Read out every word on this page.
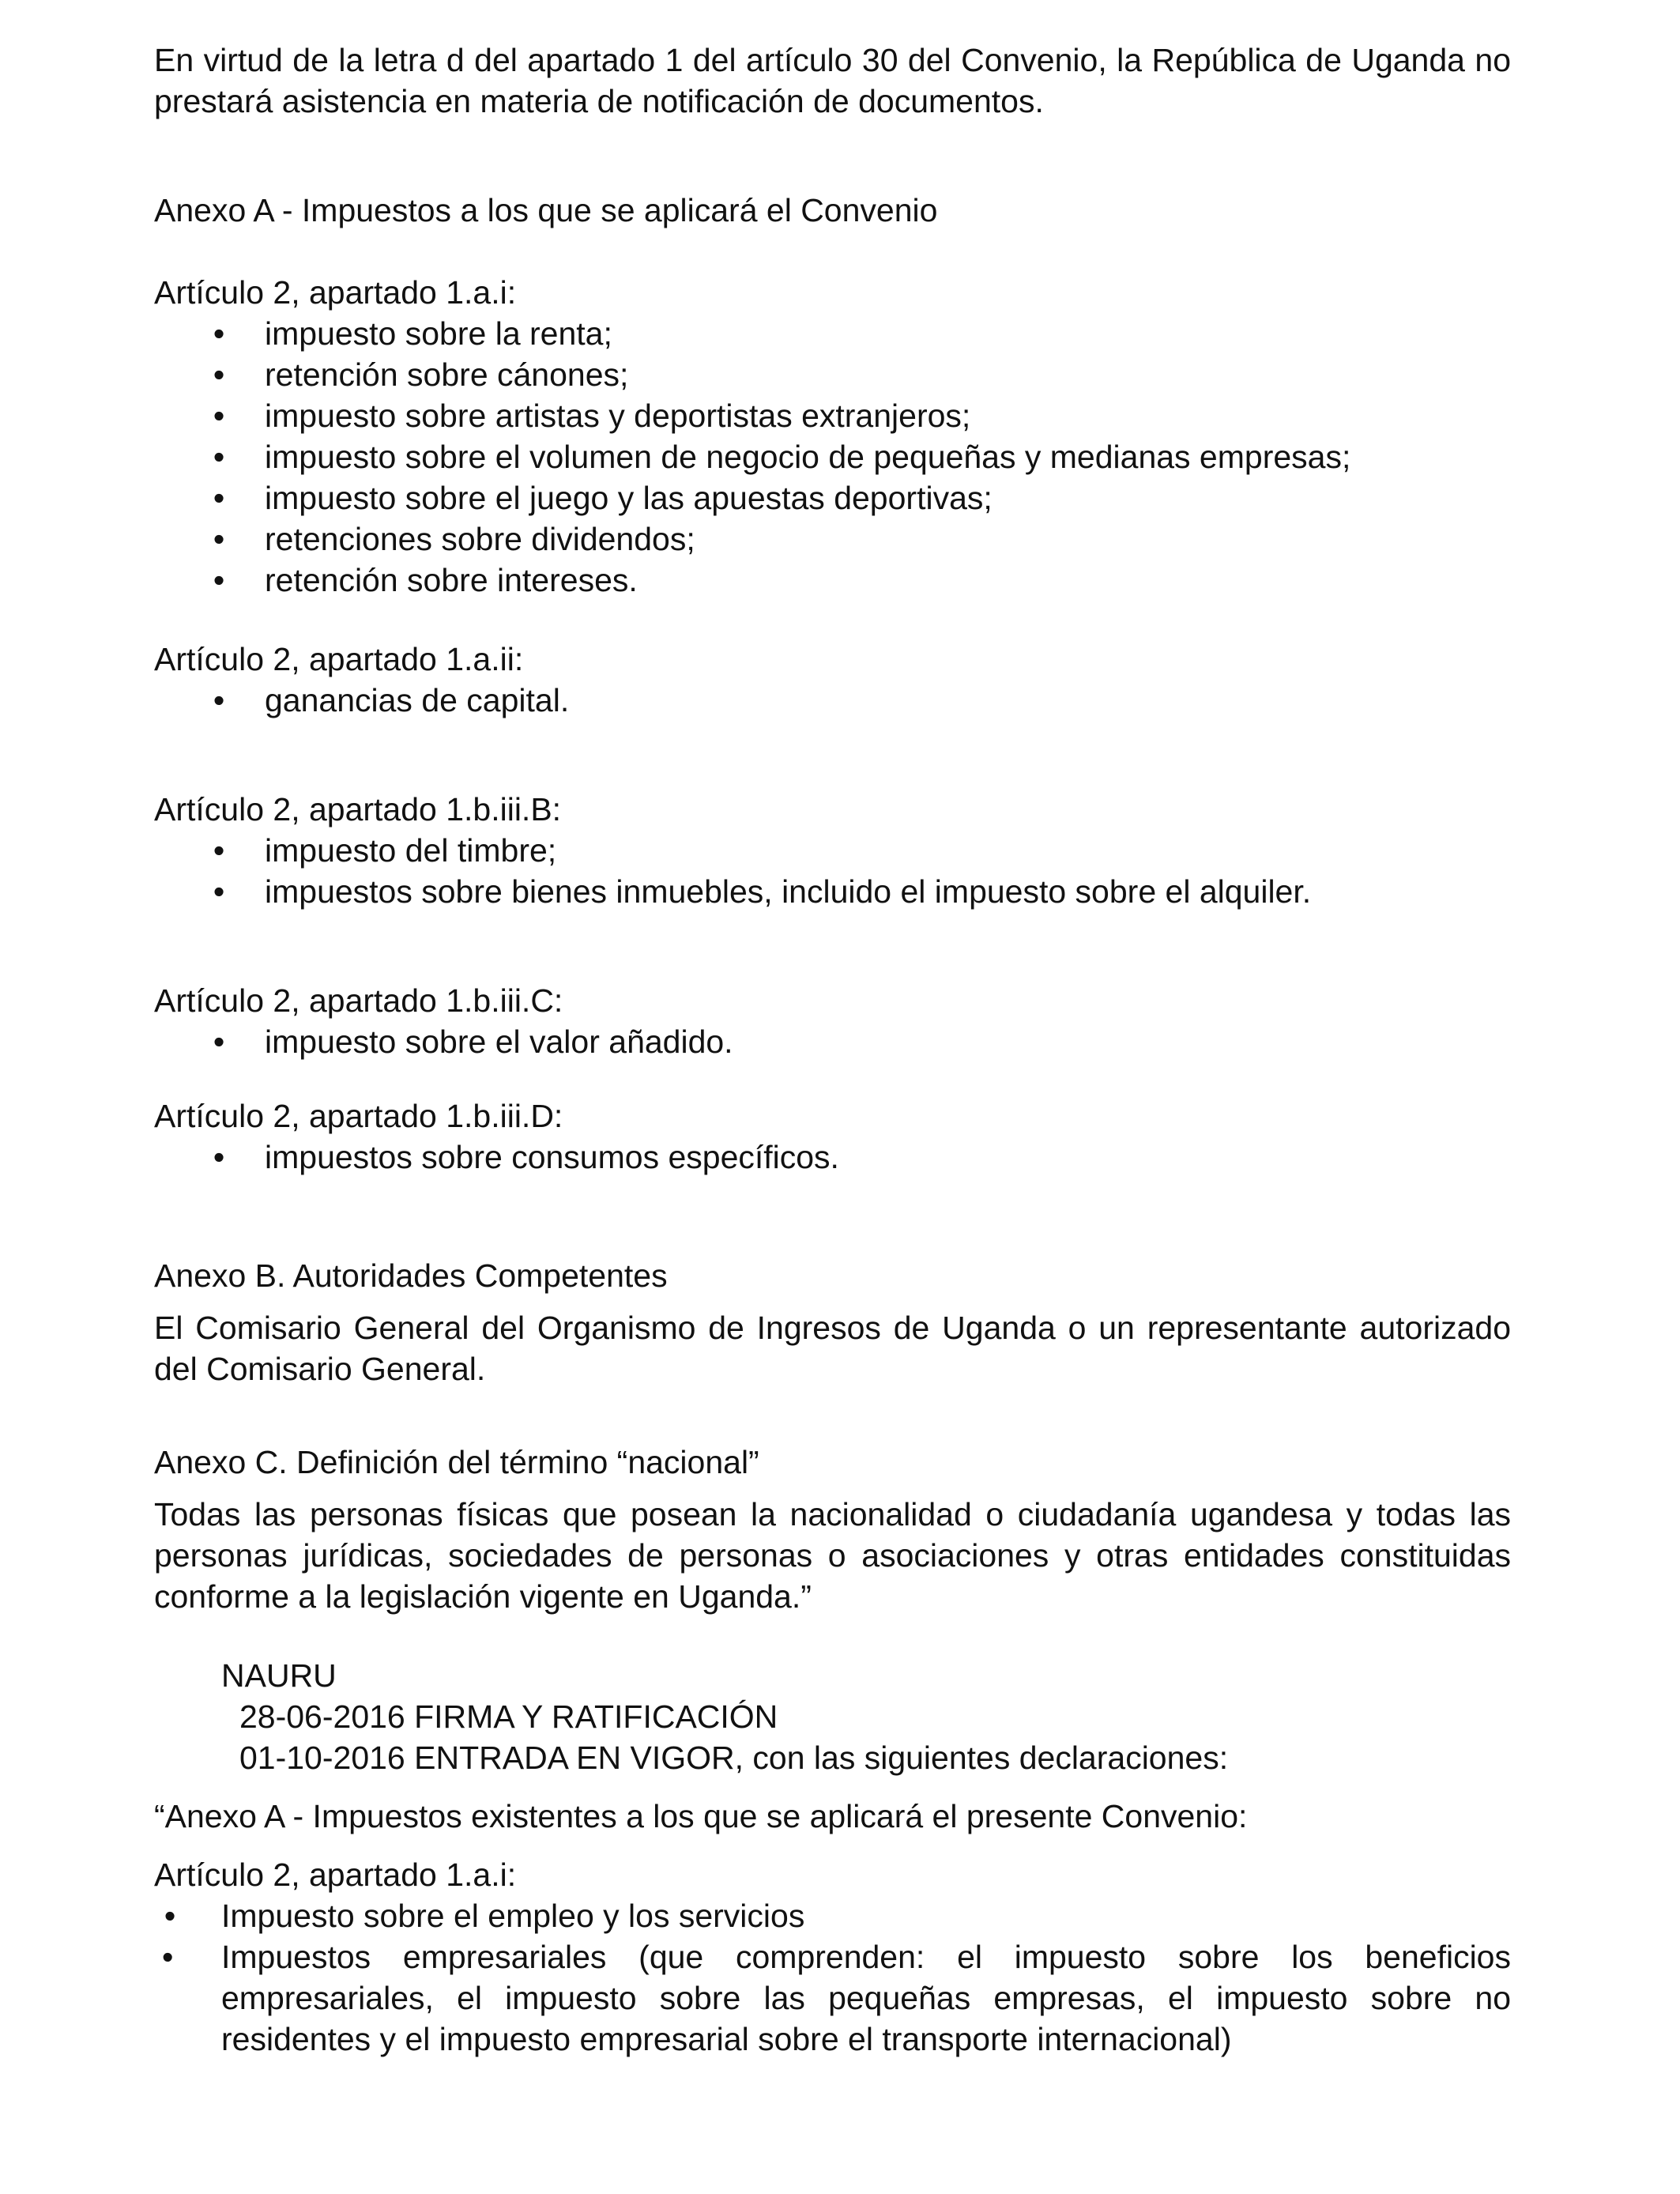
En virtud de la letra d del apartado 1 del artículo 30 del Convenio, la República de Uganda no prestará asistencia en materia de notificación de documentos.

Anexo A - Impuestos a los que se aplicará el Convenio

Artículo 2, apartado 1.a.i:

• impuesto sobre la renta;
• retención sobre cánones;
• impuesto sobre artistas y deportistas extranjeros;
• impuesto sobre el volumen de negocio de pequeñas y medianas empresas;
• impuesto sobre el juego y las apuestas deportivas;
• retenciones sobre dividendos;
• retención sobre intereses.

Artículo 2, apartado 1.a.ii:

• ganancias de capital.

Artículo 2, apartado 1.b.iii.B:

• impuesto del timbre;
• impuestos sobre bienes inmuebles, incluido el impuesto sobre el alquiler.

Artículo 2, apartado 1.b.iii.C:

• impuesto sobre el valor añadido.

Artículo 2, apartado 1.b.iii.D:

• impuestos sobre consumos específicos.

Anexo B. Autoridades Competentes

El Comisario General del Organismo de Ingresos de Uganda o un representante autorizado del Comisario General.

Anexo C. Definición del término “nacional”

Todas las personas físicas que posean la nacionalidad o ciudadanía ugandesa y todas las personas jurídicas, sociedades de personas o asociaciones y otras entidades constituidas conforme a la legislación vigente en Uganda.”

NAURU

28-06-2016 FIRMA Y RATIFICACIÓN

01-10-2016 ENTRADA EN VIGOR, con las siguientes declaraciones:

“Anexo A - Impuestos existentes a los que se aplicará el presente Convenio:

Artículo 2, apartado 1.a.i:

• Impuesto sobre el empleo y los servicios
• Impuestos empresariales (que comprenden: el impuesto sobre los beneficios empresariales, el impuesto sobre las pequeñas empresas, el impuesto sobre no residentes y el impuesto empresarial sobre el transporte internacional)
